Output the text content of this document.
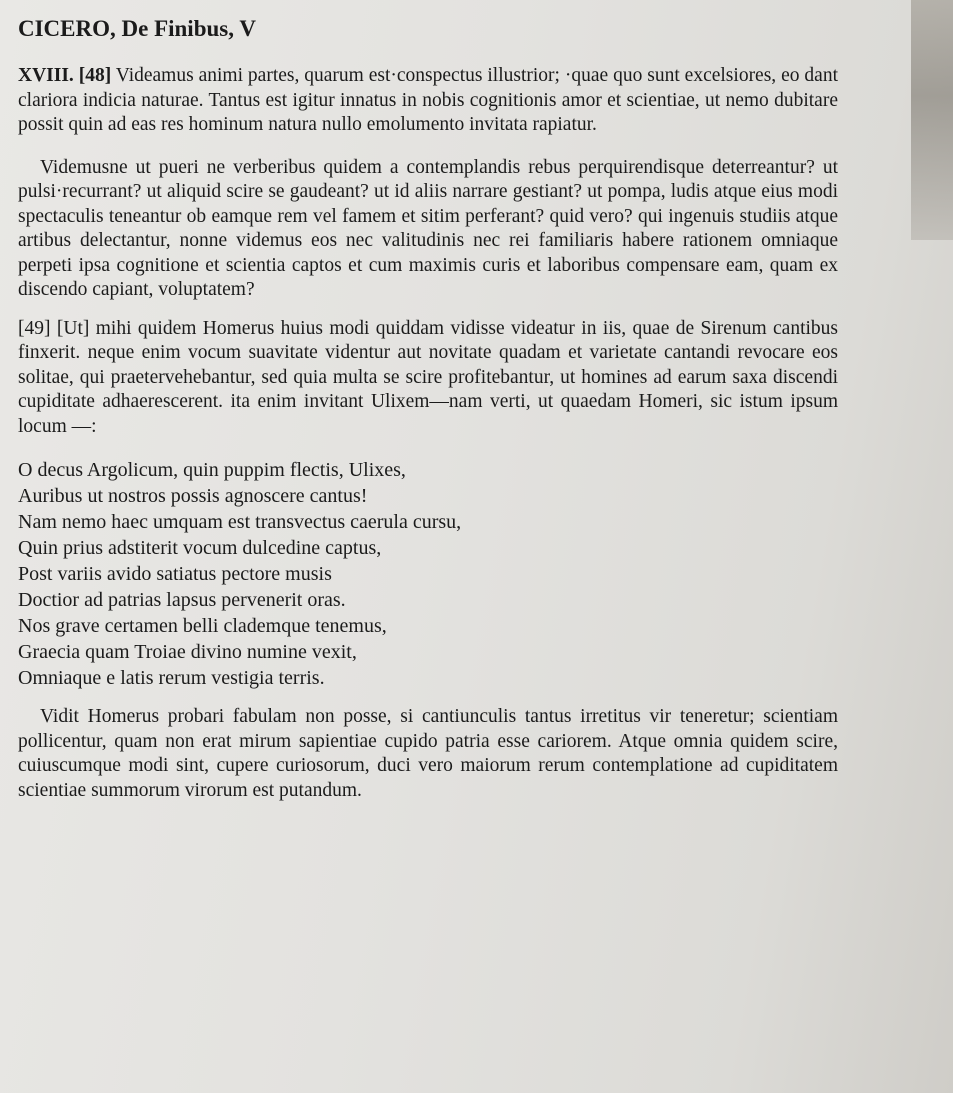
CICERO, De Finibus, V

XVIII. [48] Videamus animi partes, quarum est·conspectus illustrior; ·quae quo sunt excelsiores, eo dant clariora indicia naturae. Tantus est igitur innatus in nobis cognitionis amor et scientiae, ut nemo dubitare possit quin ad eas res hominum natura nullo emolumento invitata rapiatur.

Videmusne ut pueri ne verberibus quidem a contemplandis rebus perquirendisque deterreantur? ut pulsi·recurrant? ut aliquid scire se gaudeant? ut id aliis narrare gestiant? ut pompa, ludis atque eius modi spectaculis teneantur ob eamque rem vel famem et sitim perferant? quid vero? qui ingenuis studiis atque artibus delectantur, nonne videmus eos nec valitudinis nec rei familiaris habere rationem omniaque perpeti ipsa cognitione et scientia captos et cum maximis curis et laboribus compensare eam, quam ex discendo capiant, voluptatem?

[49] [Ut] mihi quidem Homerus huius modi quiddam vidisse videatur in iis, quae de Sirenum cantibus finxerit. neque enim vocum suavitate videntur aut novitate quadam et varietate cantandi revocare eos solitae, qui praetervehebantur, sed quia multa se scire profitebantur, ut homines ad earum saxa discendi cupiditate adhaerescerent. ita enim invitant Ulixem—nam verti, ut quaedam Homeri, sic istum ipsum locum —:

O decus Argolicum, quin puppim flectis, Ulixes,
Auribus ut nostros possis agnoscere cantus!
Nam nemo haec umquam est transvectus caerula cursu,
Quin prius adstiterit vocum dulcedine captus,
Post variis avido satiatus pectore musis
Doctior ad patrias lapsus pervenerit oras.
Nos grave certamen belli clademque tenemus,
Graecia quam Troiae divino numine vexit,
Omniaque e latis rerum vestigia terris.

Vidit Homerus probari fabulam non posse, si cantiunculis tantus irretitus vir teneretur; scientiam pollicentur, quam non erat mirum sapientiae cupido patria esse cariorem. Atque omnia quidem scire, cuiuscumque modi sint, cupere curiosorum, duci vero maiorum rerum contemplatione ad cupiditatem scientiae summorum virorum est putandum.
